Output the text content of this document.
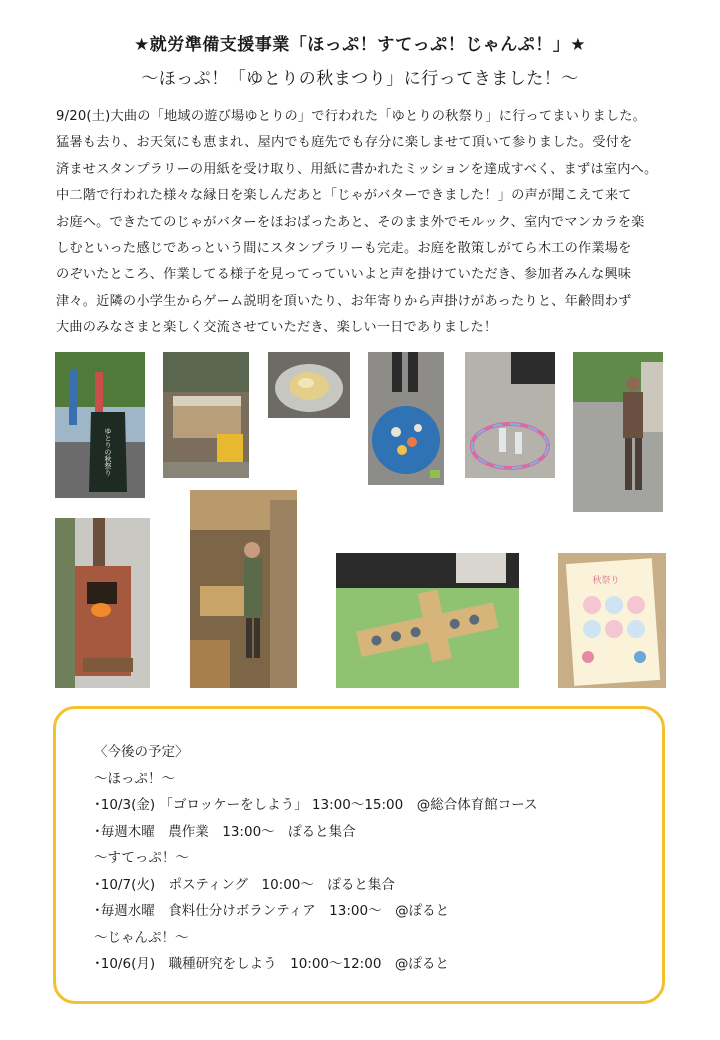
★就労準備支援事業「ほっぷ！すてっぷ！じゃんぷ！」★
～ほっぷ！「ゆとりの秋まつり」に行ってきました！～
9/20(土)大曲の「地域の遊び場ゆとりの」で行われた「ゆとりの秋祭り」に行ってまいりました。
猛暑も去り、お天気にも恵まれ、屋内でも庭先でも存分に楽しませて頂いて参りました。受付を
済ませスタンプラリーの用紙を受け取り、用紙に書かれたミッションを達成すべく、まずは室内へ。
中二階で行われた様々な縁日を楽しんだあと「じゃがバターできました！」の声が聞こえて来て
お庭へ。できたてのじゃがバターをほおばったあと、そのまま外でモルック、室内でマンカラを楽
しむといった感じであっという間にスタンプラリーも完走。お庭を散策しがてら木工の作業場を
のぞいたところ、作業してる様子を見ってっていいよと声を掛けていただき、参加者みんな興味
津々。近隣の小学生からゲーム説明を頂いたり、お年寄りから声掛けがあったりと、年齢問わず
大曲のみなさまと楽しく交流させていただき、楽しい一日でありました！
ゆとりの秋祭り
秋祭り
〈今後の予定〉
～ほっぷ！～
･10/3(金) 「ゴロッケーをしよう」 13:00～15:00　@総合体育館コース
･毎週木曜　農作業　13:00～　ぽると集合
～すてっぷ！～
･10/7(火)　ポスティング　10:00～　ぽると集合
･毎週水曜　食料仕分けボランティア　13:00～　@ぽると
～じゃんぷ！～
･10/6(月)　職種研究をしよう　10:00～12:00　@ぽると
